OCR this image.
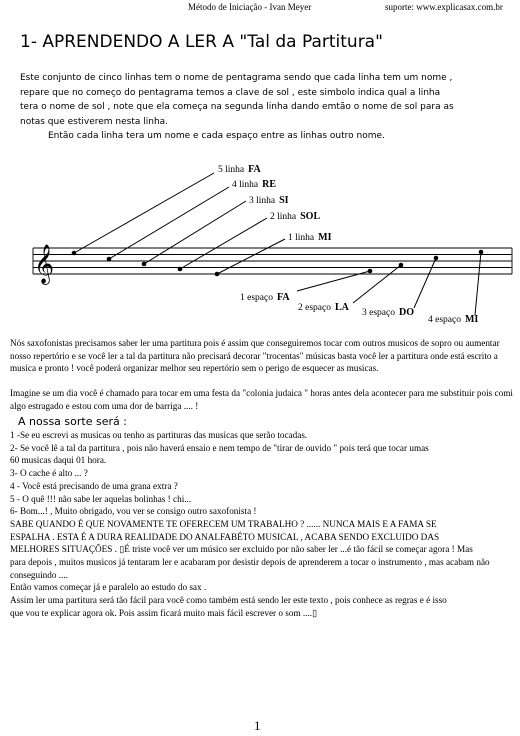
Método de Iniciação - Ivan Meyer	suporte: www.explicasax.com.br
1- APRENDENDO A LER A "Tal da Partitura"
Este conjunto de cinco linhas tem o nome de pentagrama sendo que cada linha tem um nome ,
repare que no começo do pentagrama temos a clave de sol , este simbolo indica qual a linha
tera o nome de sol , note que ela começa na segunda linha dando emtão o nome de sol para as
notas que estiverem nesta linha.
Então cada linha tera um nome e cada espaço entre as linhas outro nome.
𝄞
5 linha FA
4 linha RE
3 linha SI
2 linha SOL
1 linha MI
1 espaço FA
2 espaço LA 3 espaço DO
4 espaço MI
Nós saxofonistas precisamos saber ler uma partitura pois é assim que conseguiremos tocar com outros musicos de sopro ou aumentar nosso repertório e se você ler a tal da partitura não precisará decorar "trocentas" músicas basta você ler a partitura onde está escrito a musica e pronto ! você poderá organizar melhor seu repertório sem o perigo de esquecer as musicas.
Imagine se um dia você é chamado para tocar em uma festa da "colonia judaica " horas antes dela acontecer para me substituir pois comi algo estragado e estou com uma dor de barriga .... !
A nossa sorte será :
1 -Se eu escrevi as musicas ou tenho as partituras das musicas que serão tocadas.
2- Se você lê a tal da partitura , pois não haverá ensaio e nem tempo de "tirar de ouvido " pois terá que tocar umas
60 musicas daqui 01 hora.
3- O cache é alto ... ?
4 - Você está precisando de uma grana extra ?
5 - O quê !!! não sabe ler aquelas bolinhas ! chi...
6- Bom...! , Muito obrigado, vou ver se consigo outro saxofonista !
SABE QUANDO É QUE NOVAMENTE TE OFERECEM UM TRABALHO ? ...... NUNCA MAIS E A FAMA SE
ESPALHA . ESTA É A DURA REALIDADE DO ANALFABÉTO MUSICAL , ACABA SENDO EXCLUIDO DAS
MELHORES SITUAÇÕES . ▯É triste você ver um músico ser excluido por não saber ler ...é tão fácil se começar agora ! Mas
para depois , muitos musicos já tentaram ler e acabaram por desistir depois de aprenderem a tocar o instrumento , mas acabam não
conseguindo ....
Então vamos começar já e paralelo ao estudo do sax .
Assim ler uma partitura será tão fácil para você como também está sendo ler este texto , pois conhece as regras e é isso
que vou te explicar agora ok. Pois assim ficará muito mais fácil escrever o som ....▯
1
